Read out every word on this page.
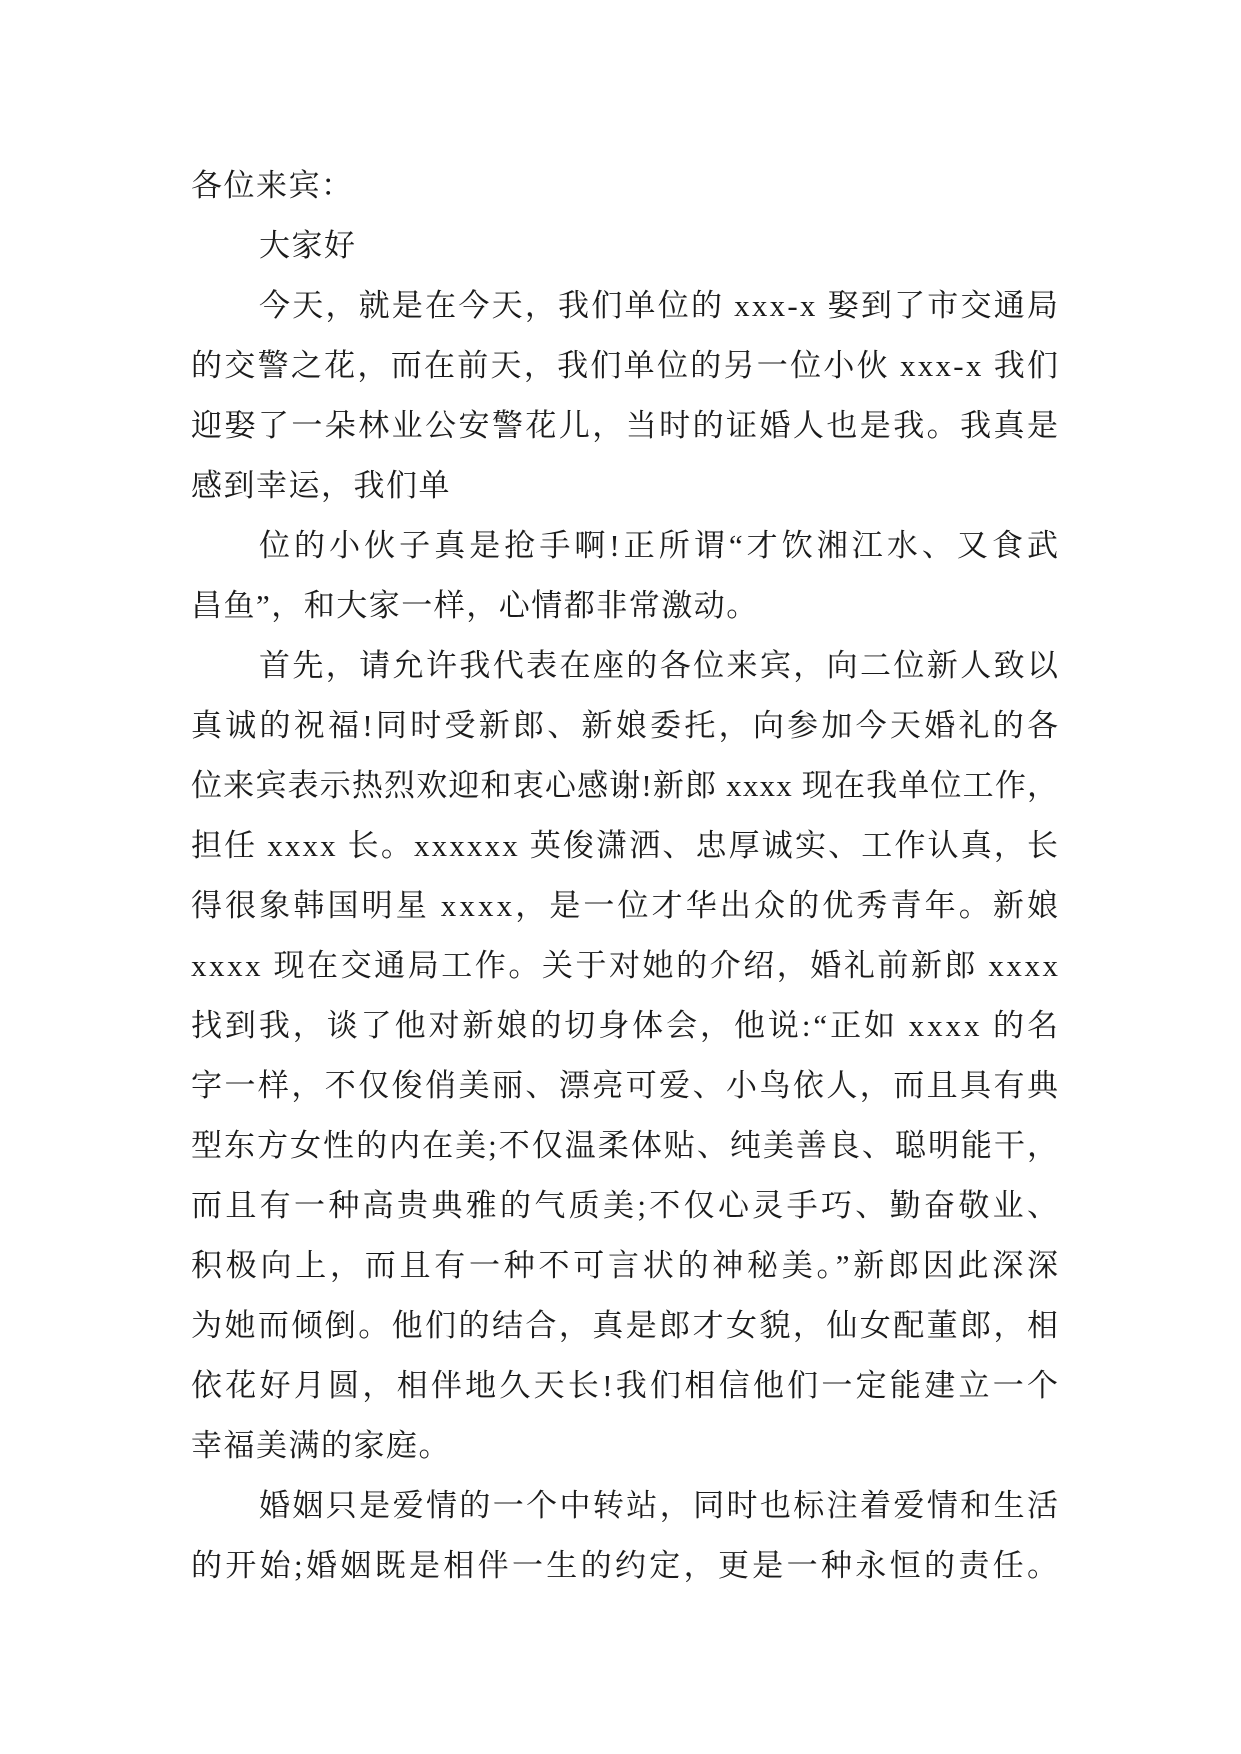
各位来宾：
大家好
今天，就是在今天，我们单位的 xxx-x 娶到了市交通局
的交警之花，而在前天，我们单位的另一位小伙 xxx-x 我们
迎娶了一朵林业公安警花儿，当时的证婚人也是我。我真是
感到幸运，我们单
位的小伙子真是抢手啊!正所谓“才饮湘江水、又食武
昌鱼”，和大家一样，心情都非常激动。
首先，请允许我代表在座的各位来宾，向二位新人致以
真诚的祝福!同时受新郎、新娘委托，向参加今天婚礼的各
位来宾表示热烈欢迎和衷心感谢!新郎 xxxx 现在我单位工作，
担任 xxxx 长。xxxxxx 英俊潇洒、忠厚诚实、工作认真，长
得很象韩国明星 xxxx，是一位才华出众的优秀青年。新娘
xxxx 现在交通局工作。关于对她的介绍，婚礼前新郎 xxxx
找到我，谈了他对新娘的切身体会，他说:“正如 xxxx 的名
字一样，不仅俊俏美丽、漂亮可爱、小鸟依人，而且具有典
型东方女性的内在美;不仅温柔体贴、纯美善良、聪明能干，
而且有一种高贵典雅的气质美;不仅心灵手巧、勤奋敬业、
积极向上，而且有一种不可言状的神秘美。”新郎因此深深
为她而倾倒。他们的结合，真是郎才女貌，仙女配董郎，相
依花好月圆，相伴地久天长!我们相信他们一定能建立一个
幸福美满的家庭。
婚姻只是爱情的一个中转站，同时也标注着爱情和生活
的开始;婚姻既是相伴一生的约定，更是一种永恒的责任。
